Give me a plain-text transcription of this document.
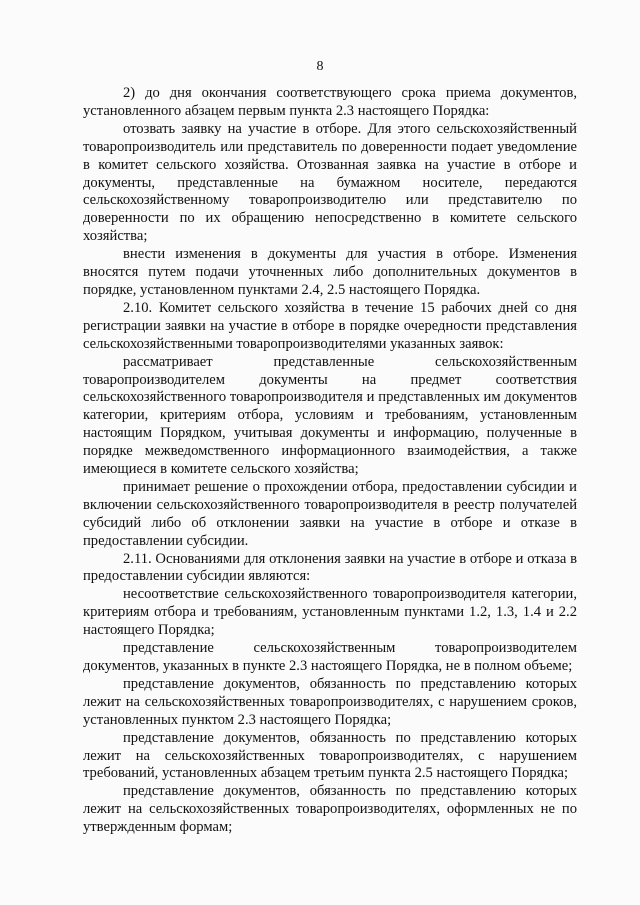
8

2) до дня окончания соответствующего срока приема документов, установленного абзацем первым пункта 2.3 настоящего Порядка:

отозвать заявку на участие в отборе. Для этого сельскохозяйственный товаропроизводитель или представитель по доверенности подает уведомление в комитет сельского хозяйства. Отозванная заявка на участие в отборе и документы, представленные на бумажном носителе, передаются сельскохозяйственному товаропроизводителю или представителю по доверенности по их обращению непосредственно в комитете сельского хозяйства;

внести изменения в документы для участия в отборе. Изменения вносятся путем подачи уточненных либо дополнительных документов в порядке, установленном пунктами 2.4, 2.5 настоящего Порядка.

2.10. Комитет сельского хозяйства в течение 15 рабочих дней со дня регистрации заявки на участие в отборе в порядке очередности представления сельскохозяйственными товаропроизводителями указанных заявок:

рассматривает представленные сельскохозяйственным товаропроизводителем документы на предмет соответствия сельскохозяйственного товаропроизводителя и представленных им документов категории, критериям отбора, условиям и требованиям, установленным настоящим Порядком, учитывая документы и информацию, полученные в порядке межведомственного информационного взаимодействия, а также имеющиеся в комитете сельского хозяйства;

принимает решение о прохождении отбора, предоставлении субсидии и включении сельскохозяйственного товаропроизводителя в реестр получателей субсидий либо об отклонении заявки на участие в отборе и отказе в предоставлении субсидии.

2.11. Основаниями для отклонения заявки на участие в отборе и отказа в предоставлении субсидии являются:

несоответствие сельскохозяйственного товаропроизводителя категории, критериям отбора и требованиям, установленным пунктами 1.2, 1.3, 1.4 и 2.2 настоящего Порядка;

представление сельскохозяйственным товаропроизводителем документов, указанных в пункте 2.3 настоящего Порядка, не в полном объеме;

представление документов, обязанность по представлению которых лежит на сельскохозяйственных товаропроизводителях, с нарушением сроков, установленных пунктом 2.3 настоящего Порядка;

представление документов, обязанность по представлению которых лежит на сельскохозяйственных товаропроизводителях, с нарушением требований, установленных абзацем третьим пункта 2.5 настоящего Порядка;

представление документов, обязанность по представлению которых лежит на сельскохозяйственных товаропроизводителях, оформленных не по утвержденным формам;
